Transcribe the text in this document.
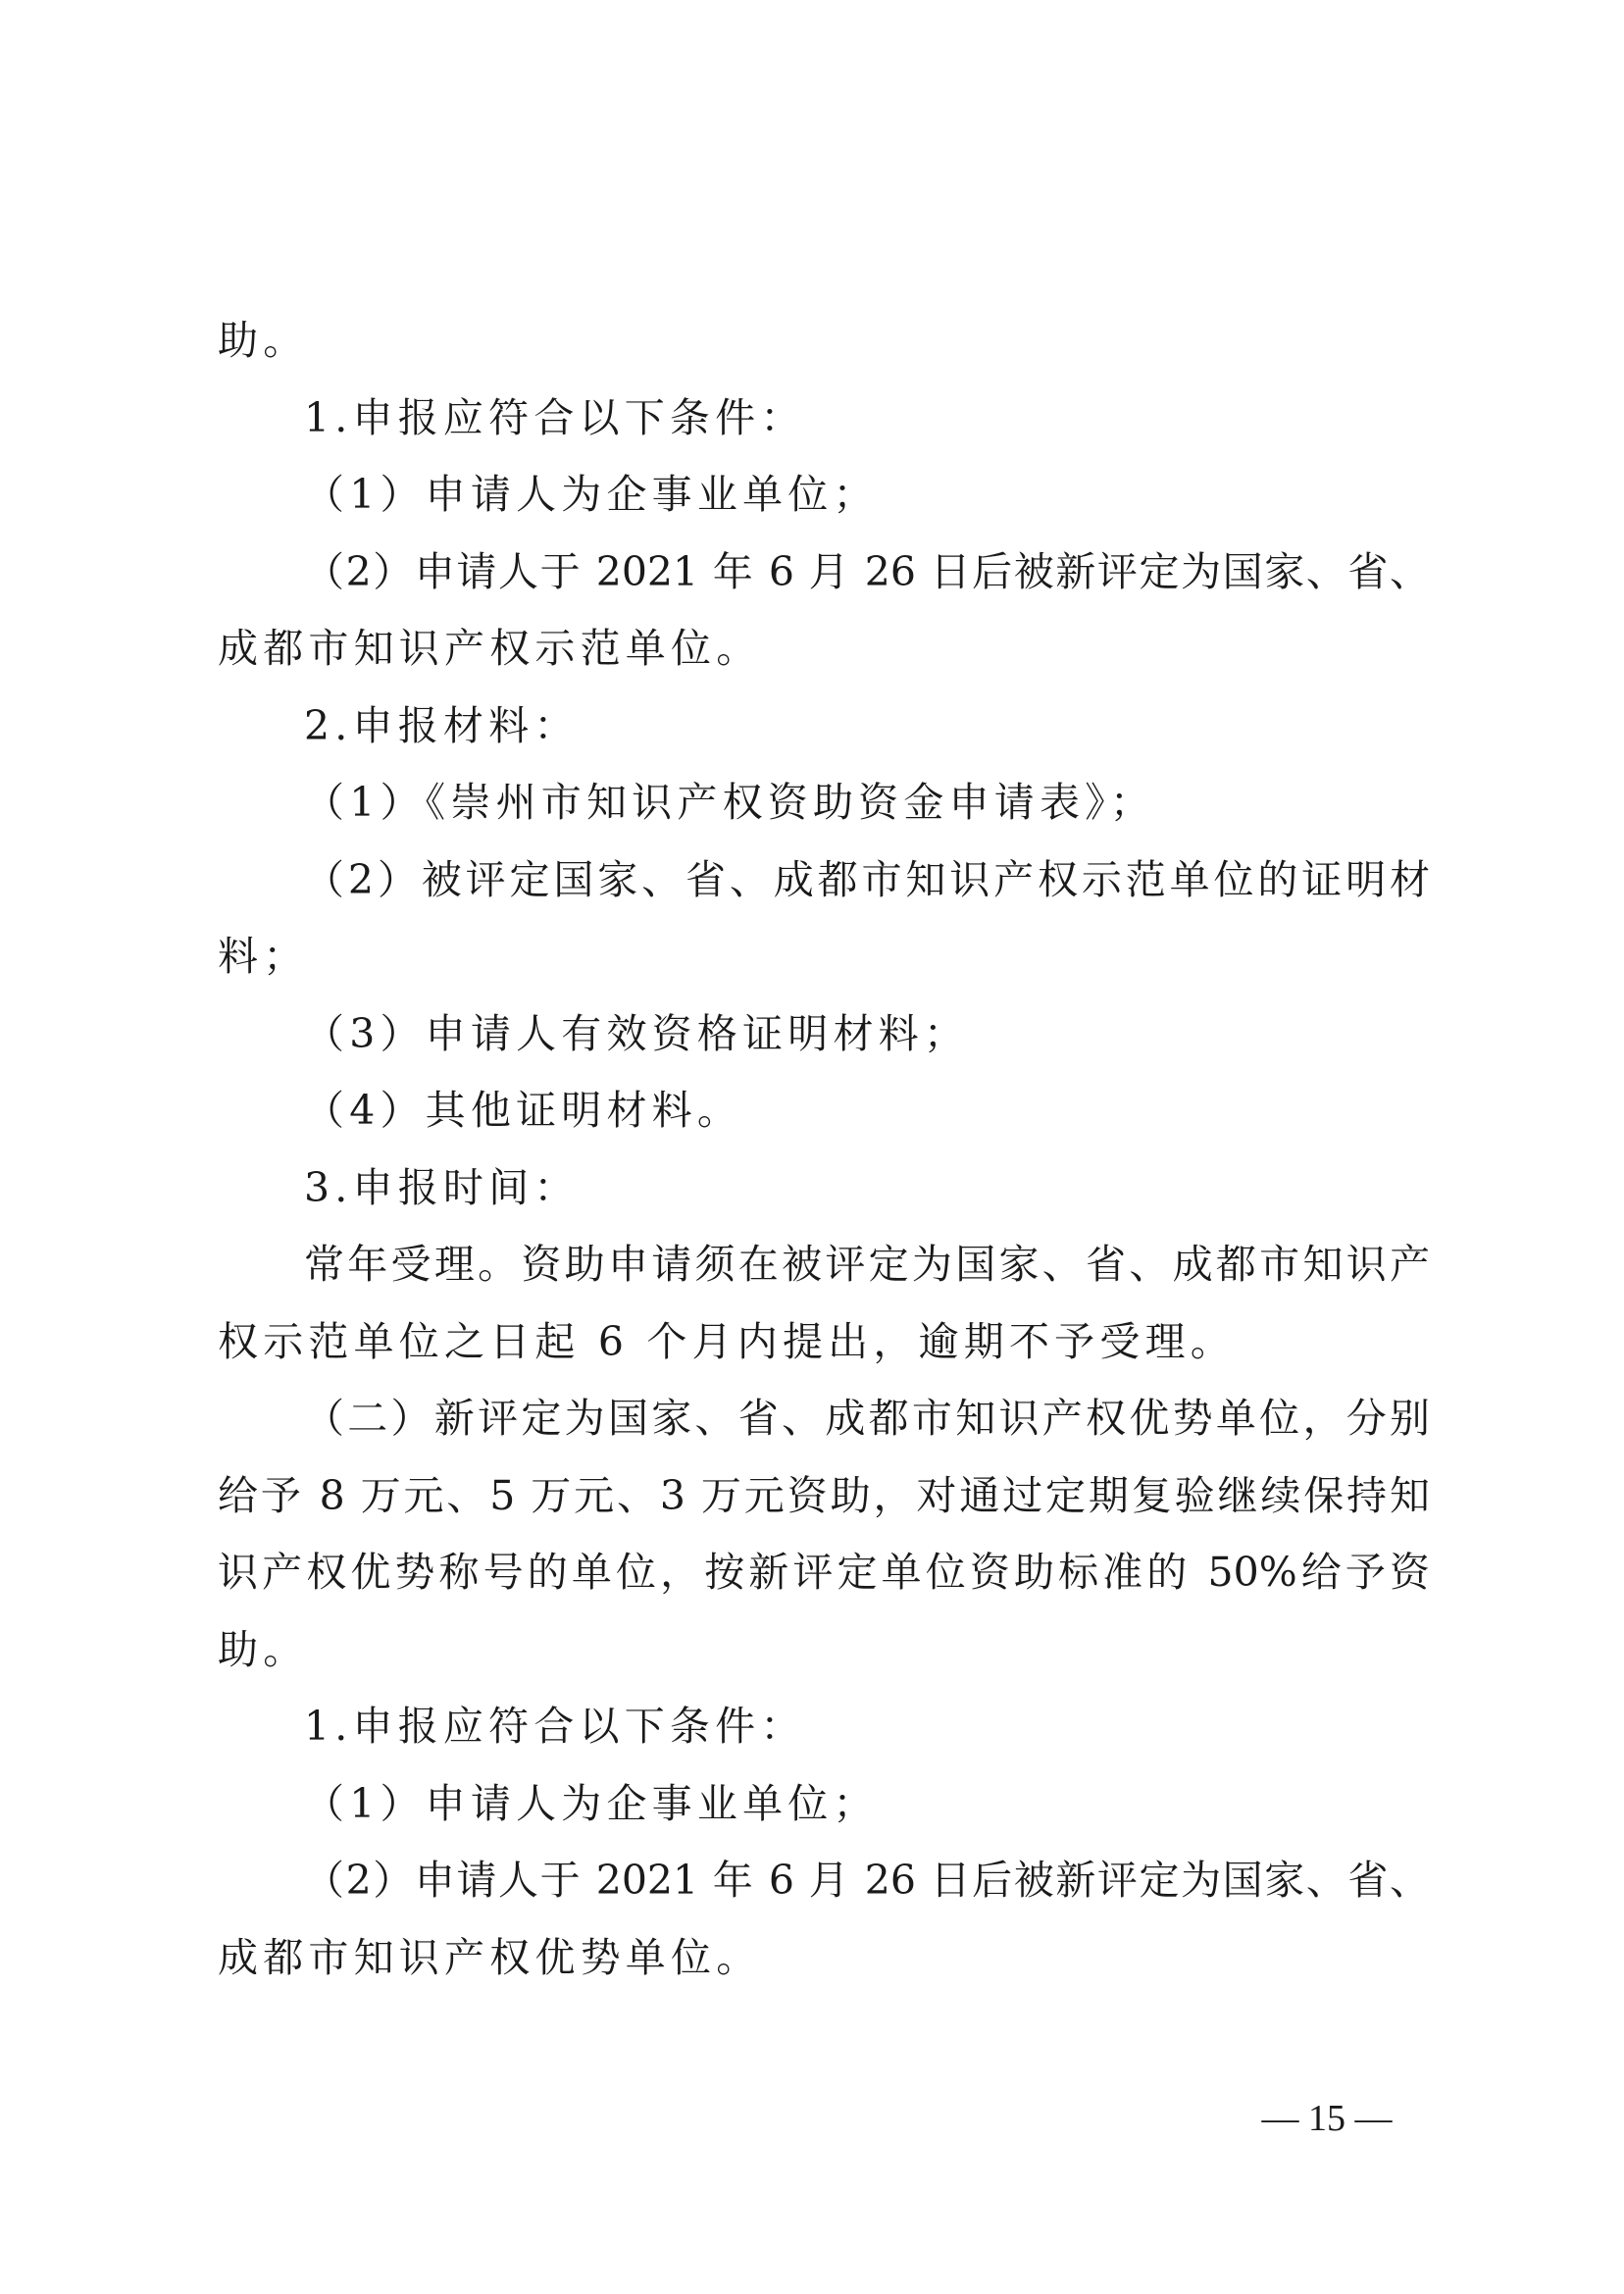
助。
1.申报应符合以下条件：
（1）申请人为企事业单位；
（2）申请人于 2021 年 6 月 26 日后被新评定为国家、省、
成都市知识产权示范单位。
2.申报材料：
（1）《崇州市知识产权资助资金申请表》；
（2）被评定国家、省、成都市知识产权示范单位的证明材
料；
（3）申请人有效资格证明材料；
（4）其他证明材料。
3.申报时间：
常年受理。资助申请须在被评定为国家、省、成都市知识产
权示范单位之日起 6 个月内提出，逾期不予受理。
（二）新评定为国家、省、成都市知识产权优势单位，分别
给予 8 万元、5 万元、3 万元资助，对通过定期复验继续保持知
识产权优势称号的单位，按新评定单位资助标准的 50%给予资
助。
1.申报应符合以下条件：
（1）申请人为企事业单位；
（2）申请人于 2021 年 6 月 26 日后被新评定为国家、省、
成都市知识产权优势单位。
— 15 —
